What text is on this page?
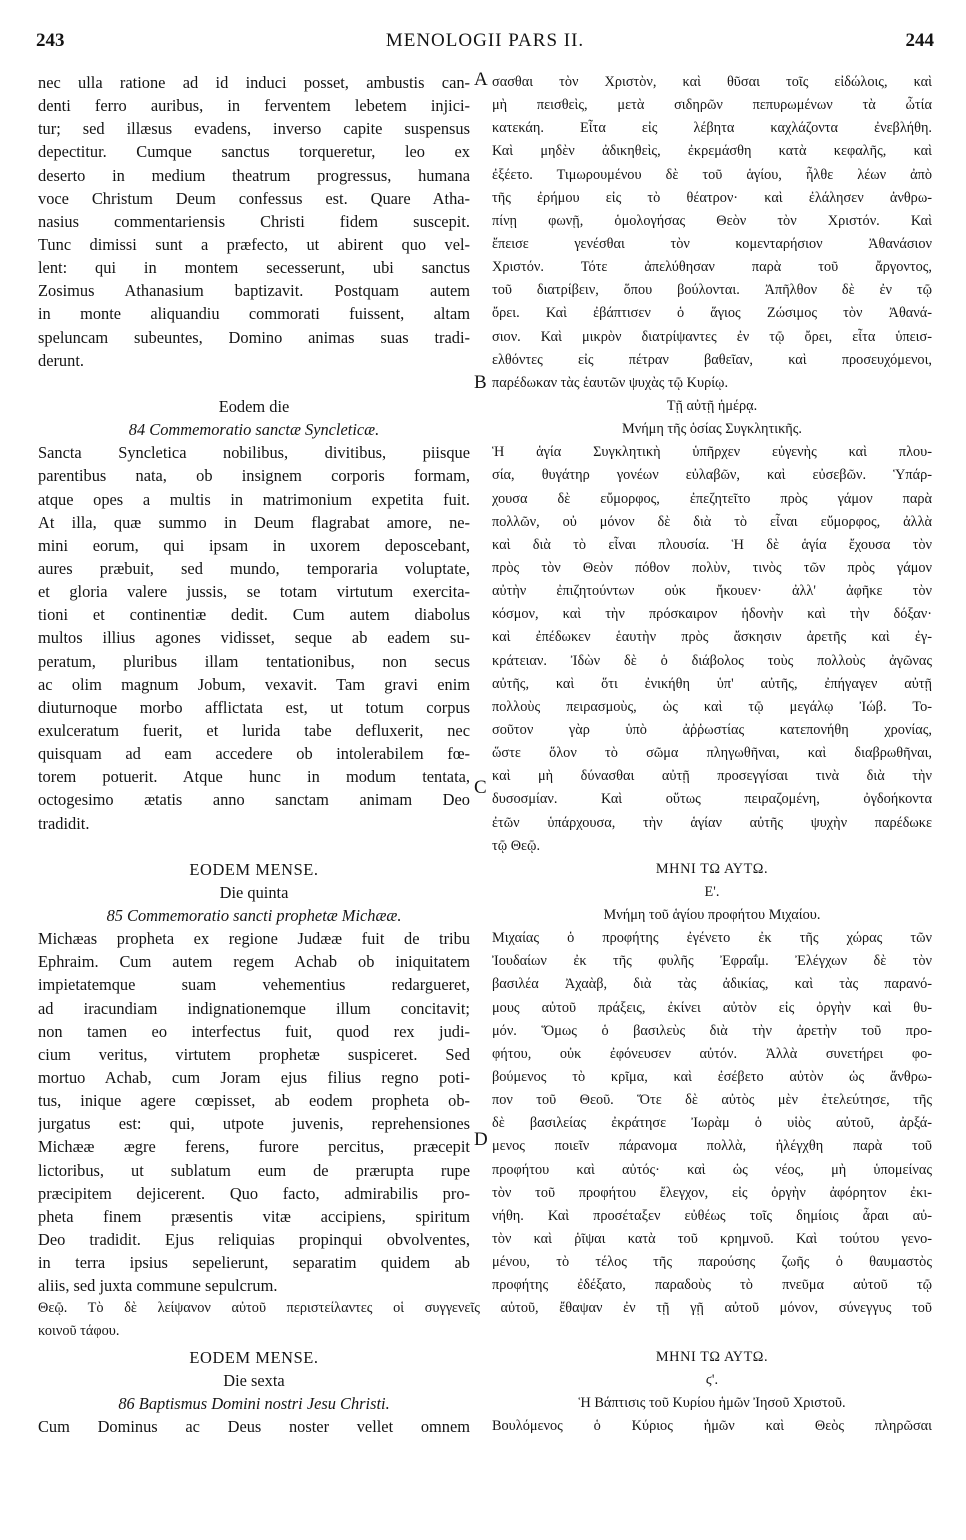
243	MENOLOGII PARS II.	244
A
B
C
D
nec ulla ratione ad id induci posset, ambustis can-
denti ferro auribus, in ferventem lebetem injici-
tur; sed illæsus evadens, inverso capite suspensus
depectitur. Cumque sanctus torqueretur, leo ex
deserto in medium theatrum progressus, humana
voce Christum Deum confessus est. Quare Atha-
nasius commentariensis Christi fidem suscepit.
Tunc dimissi sunt a præfecto, ut abirent quo vel-
lent: qui in montem secesserunt, ubi sanctus
Zosimus Athanasium baptizavit. Postquam autem
in monte aliquandiu commorati fuissent, altam
speluncam subeuntes, Domino animas suas tradi-
derunt.
Eodem die
84 Commemoratio sanctæ Syncleticæ.
Sancta Syncletica nobilibus, divitibus, piisque
parentibus nata, ob insignem corporis formam,
atque opes a multis in matrimonium expetita fuit.
At illa, quæ summo in Deum flagrabat amore, ne-
mini eorum, qui ipsam in uxorem deposcebant,
aures præbuit, sed mundo, temporaria voluptate,
et gloria valere jussis, se totam virtutum exercita-
tioni et continentiæ dedit. Cum autem diabolus
multos illius agones vidisset, seque ab eadem su-
peratum, pluribus illam tentationibus, non secus
ac olim magnum Jobum, vexavit. Tam gravi enim
diuturnoque morbo afflictata est, ut totum corpus
exulceratum fuerit, et lurida tabe defluxerit, nec
quisquam ad eam accedere ob intolerabilem fœ-
torem potuerit. Atque hunc in modum tentata,
octogesimo ætatis anno sanctam animam Deo
tradidit.
EODEM MENSE.
Die quinta
85 Commemoratio sancti prophetæ Michææ.
Michæas propheta ex regione Judææ fuit de tribu
Ephraim. Cum autem regem Achab ob iniquitatem
impietatemque suam vehementius redargueret,
ad iracundiam indignationemque illum concitavit;
non tamen eo interfectus fuit, quod rex judi-
cium veritus, virtutem prophetæ suspiceret. Sed
mortuo Achab, cum Joram ejus filius regno poti-
tus, inique agere cœpisset, ab eodem propheta ob-
jurgatus est: qui, utpote juvenis, reprehensiones
Michææ ægre ferens, furore percitus, præcepit
lictoribus, ut sublatum eum de prærupta rupe
præcipitem dejicerent. Quo facto, admirabilis pro-
pheta finem præsentis vitæ accipiens, spiritum
Deo tradidit. Ejus reliquias propinqui obvolventes,
in terra ipsius sepelierunt, separatim quidem ab
aliis, sed juxta commune sepulcrum.
σασθαι τὸν Χριστὸν, καὶ θῦσαι τοῖς εἰδώλοις, καὶ
μὴ πεισθεὶς, μετὰ σιδηρῶν πεπυρωμένων τὰ ὦτία
κατεκάη. Εἶτα εἰς λέβητα καχλάζοντα ἐνεβλήθη.
Καὶ μηδὲν ἀδικηθεὶς, ἐκρεμάσθη κατὰ κεφαλῆς, καὶ
ἐξέετο. Τιμωρουμένου δὲ τοῦ ἁγίου, ἦλθε λέων ἀπὸ
τῆς ἐρήμου εἰς τὸ θέατρον· καὶ ἐλάλησεν ἀνθρω-
πίνῃ φωνῇ, ὁμολογήσας Θεὸν τὸν Χριστόν. Καὶ
ἔπεισε γενέσθαι τὸν κομενταρήσιον Ἀθανάσιον
Χριστόν. Τότε ἀπελύθησαν παρὰ τοῦ ἄργοντος,
τοῦ διατρίβειν, ὅπου βούλονται. Ἀπῆλθον δὲ ἐν τῷ
ὄρει. Καὶ ἐβάπτισεν ὁ ἅγιος Ζώσιμος τὸν Ἀθανά-
σιον. Καὶ μικρὸν διατρίψαντες ἐν τῷ ὄρει, εἶτα ὑπεισ-
ελθόντες εἰς πέτραν βαθεῖαν, καὶ προσευχόμενοι,
παρέδωκαν τὰς ἑαυτῶν ψυχὰς τῷ Κυρίῳ.
Τῇ αὐτῇ ἡμέρᾳ.
Μνήμη τῆς ὁσίας Συγκλητικῆς.
Ἡ ἁγία Συγκλητικὴ ὑπῆρχεν εὐγενὴς καὶ πλου-
σία, θυγάτηρ γονέων εὐλαβῶν, καὶ εὐσεβῶν. Ὑπάρ-
χουσα δὲ εὔμορφος, ἐπεζητεῖτο πρὸς γάμον παρὰ
πολλῶν, οὐ μόνον δὲ διὰ τὸ εἶναι εὔμορφος, ἀλλὰ
καὶ διὰ τὸ εἶναι πλουσία. Ἡ δὲ ἁγία ἔχουσα τὸν
πρὸς τὸν Θεὸν πόθον πολὺν, τινὸς τῶν πρὸς γάμον
αὐτὴν ἐπιζητούντων οὐκ ἤκουεν· ἀλλ' ἀφῆκε τὸν
κόσμον, καὶ τὴν πρόσκαιρον ἡδονὴν καὶ τὴν δόξαν·
καὶ ἐπέδωκεν ἑαυτὴν πρὸς ἄσκησιν ἀρετῆς καὶ ἐγ-
κράτειαν. Ἰδὼν δὲ ὁ διάβολος τοὺς πολλοὺς ἀγῶνας
αὐτῆς, καὶ ὅτι ἐνικήθη ὑπ' αὐτῆς, ἐπήγαγεν αὐτῇ
πολλοὺς πειρασμοὺς, ὡς καὶ τῷ μεγάλῳ Ἰώβ. Το-
σοῦτον γὰρ ὑπὸ ἀῤῥωστίας κατεπονήθη χρονίας,
ὥστε ὅλον τὸ σῶμα πληγωθῆναι, καὶ διαβρωθῆναι,
καὶ μὴ δύνασθαι αὐτῇ προσεγγίσαι τινὰ διὰ τὴν
δυσοσμίαν. Καὶ οὕτως πειραζομένη, ὀγδοήκοντα
ἐτῶν ὑπάρχουσα, τὴν ἁγίαν αὐτῆς ψυχὴν παρέδωκε
τῷ Θεῷ.
ΜΗΝΙ ΤΩ ΑΥΤΩ.
Ε'.
Μνήμη τοῦ ἁγίου προφήτου Μιχαίου.
Μιχαίας ὁ προφήτης ἐγένετο ἐκ τῆς χώρας τῶν
Ἰουδαίων ἐκ τῆς φυλῆς Ἐφραΐμ. Ἐλέγχων δὲ τὸν
βασιλέα Ἀχαὰβ, διὰ τὰς ἀδικίας, καὶ τὰς παρανό-
μους αὐτοῦ πράξεις, ἐκίνει αὐτὸν εἰς ὀργὴν καὶ θυ-
μόν. Ὅμως ὁ βασιλεὺς διὰ τὴν ἀρετὴν τοῦ προ-
φήτου, οὐκ ἐφόνευσεν αὐτόν. Ἀλλὰ συνετήρει φο-
βούμενος τὸ κρῖμα, καὶ ἐσέβετο αὐτὸν ὡς ἄνθρω-
πον τοῦ Θεοῦ. Ὅτε δὲ αὐτὸς μὲν ἐτελεύτησε, τῆς
δὲ βασιλείας ἐκράτησε Ἰωρὰμ ὁ υἱὸς αὐτοῦ, ἀρξά-
μενος ποιεῖν πάρανομα πολλὰ, ἠλέγχθη παρὰ τοῦ
προφήτου καὶ αὐτός· καὶ ὡς νέος, μὴ ὑπομείνας
τὸν τοῦ προφήτου ἔλεγχον, εἰς ὀργὴν ἀφόρητον ἐκι-
νήθη. Καὶ προσέταξεν εὐθέως τοῖς δημίοις ἆραι αὐ-
τὸν καὶ ῥῖψαι κατὰ τοῦ κρημνοῦ. Καὶ τούτου γενο-
μένου, τὸ τέλος τῆς παρούσης ζωῆς ὁ θαυμαστὸς
προφήτης ἐδέξατο, παραδοὺς τὸ πνεῦμα αὐτοῦ τῷ
Θεῷ. Τὸ δὲ λείψανον αὐτοῦ περιστείλαντες οἱ συγγενεῖς αὐτοῦ, ἔθαψαν ἐν τῇ γῇ αὐτοῦ μόνον, σύνεγγυς τοῦ
κοινοῦ τάφου.
EODEM MENSE.
Die sexta
86 Baptismus Domini nostri Jesu Christi.
Cum Dominus ac Deus noster vellet omnem
ΜΗΝΙ ΤΩ ΑΥΤΩ.
ϛ'.
Ἡ Βάπτισις τοῦ Κυρίου ἡμῶν Ἰησοῦ Χριστοῦ.
Βουλόμενος ὁ Κύριος ἡμῶν καὶ Θεὸς πληρῶσαι
